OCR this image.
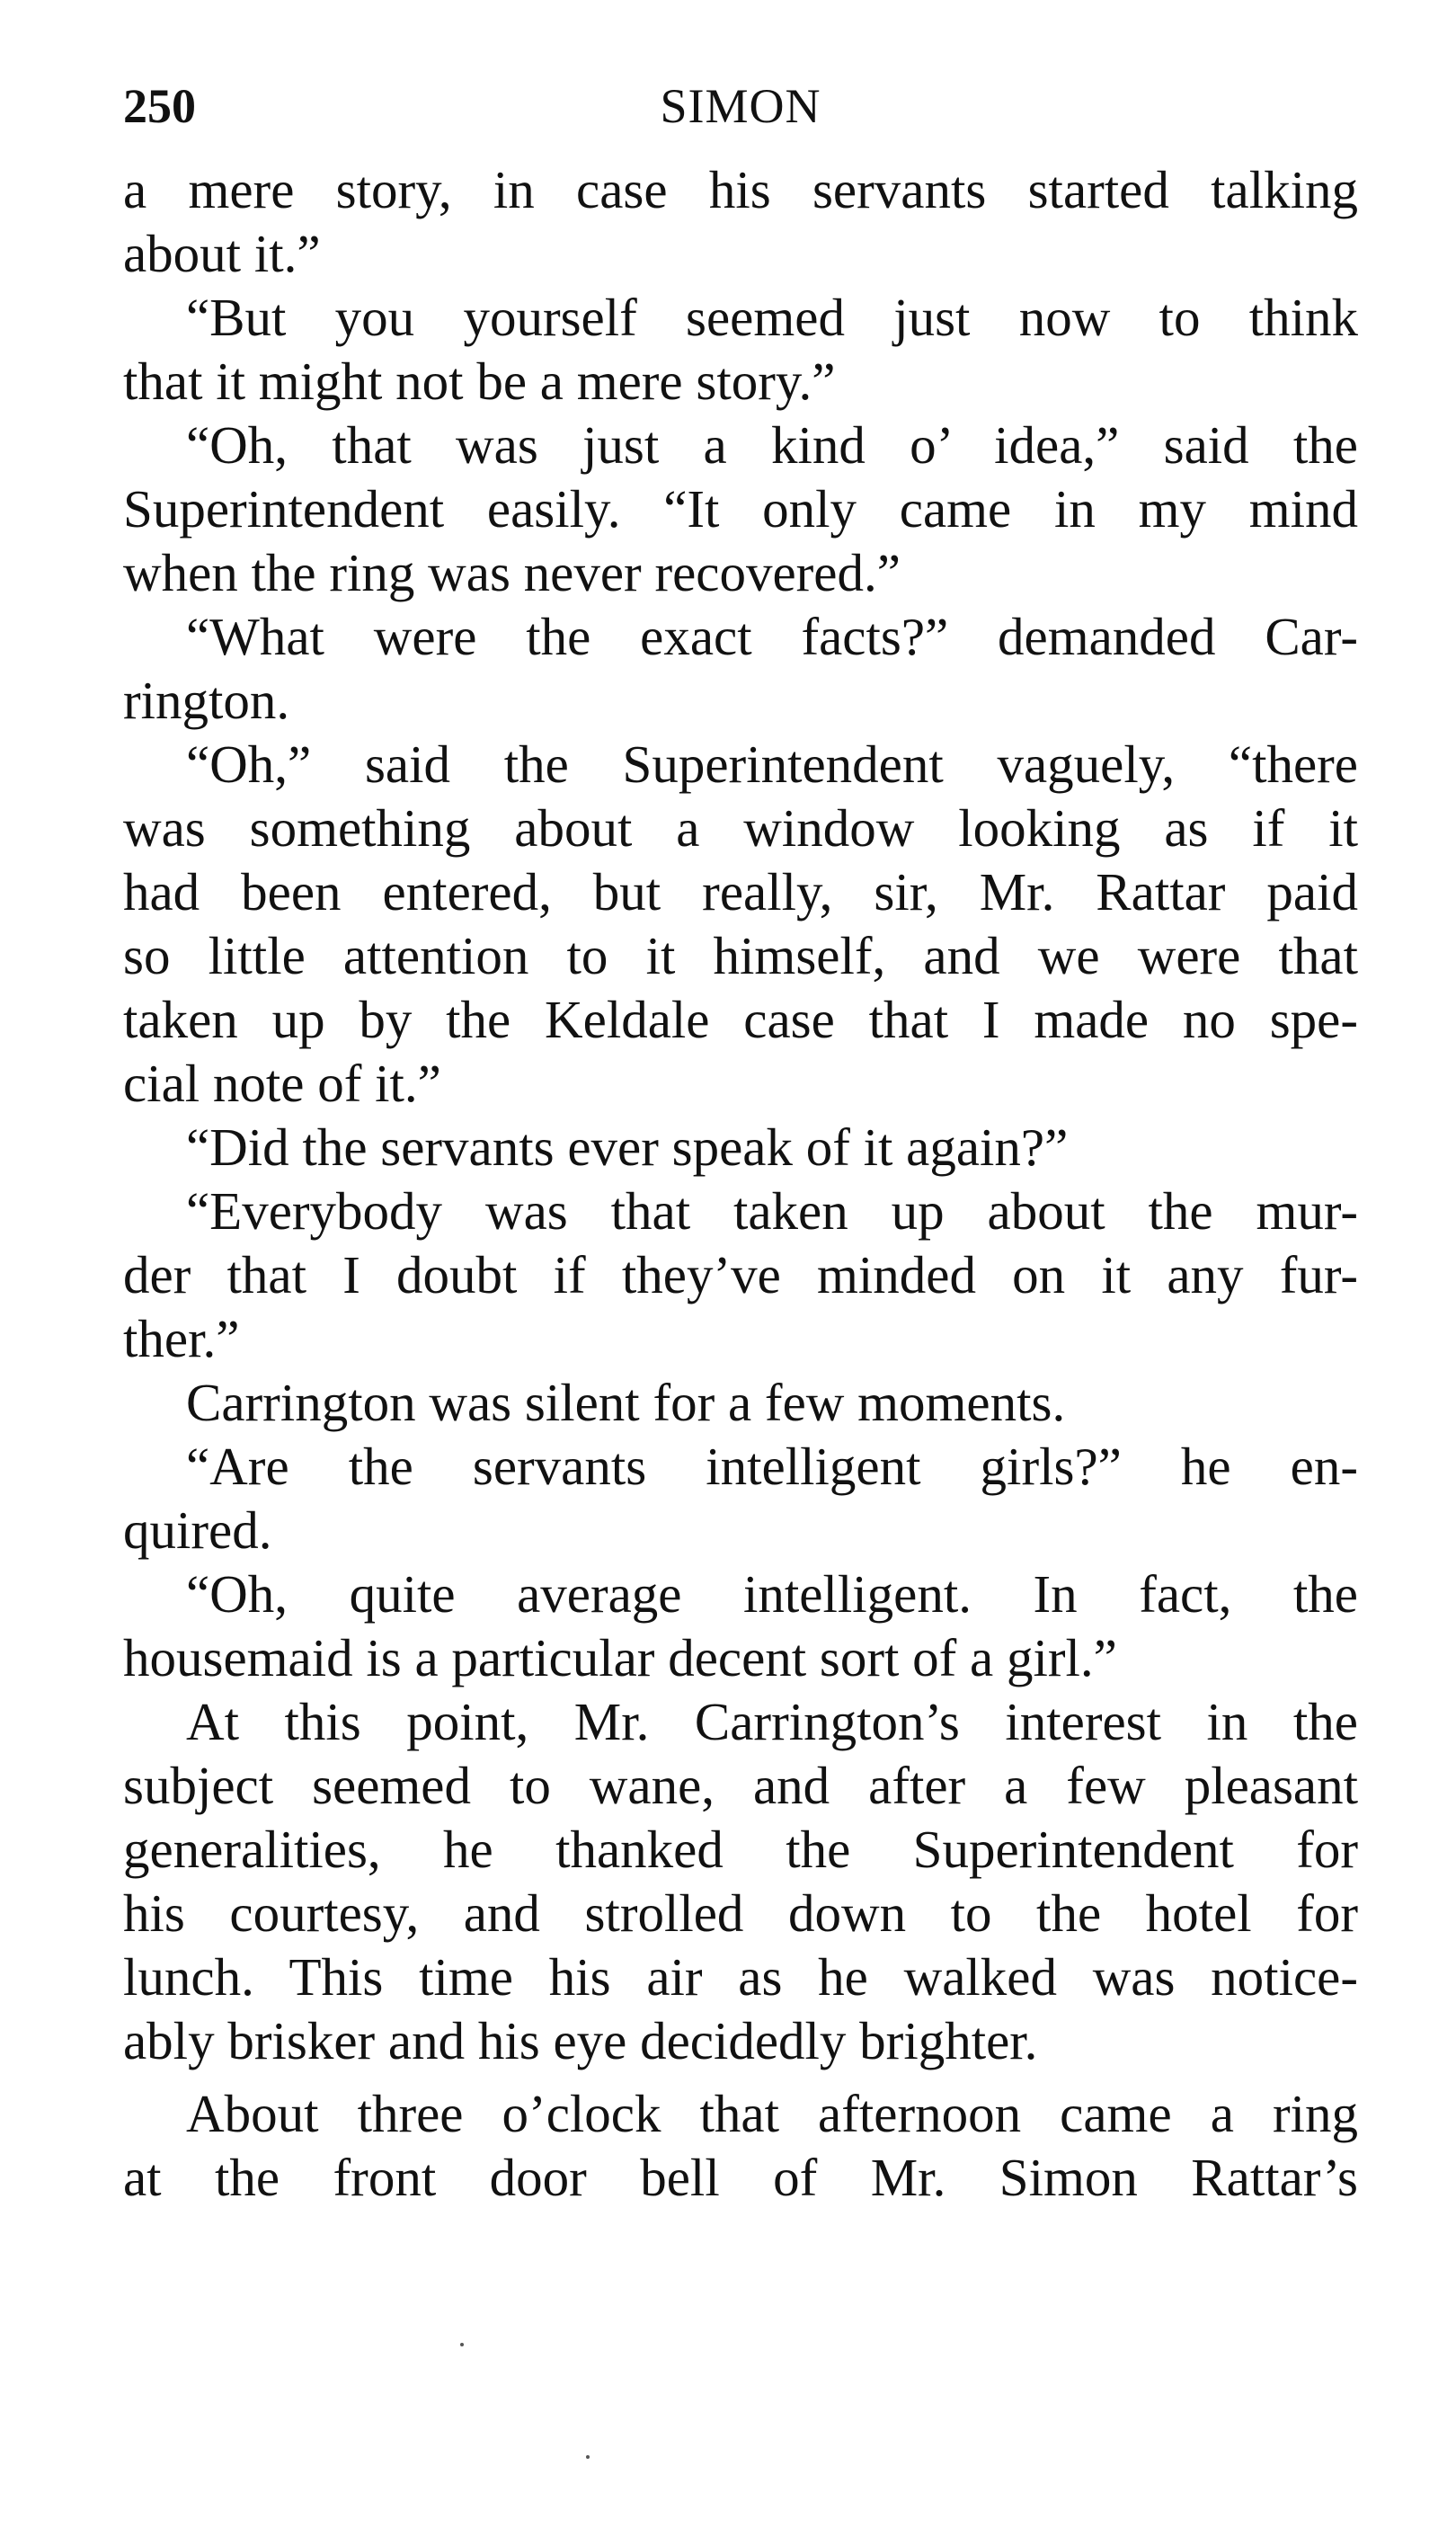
250	SIMON
a mere story, in case his servants started talking
about it.”
“But you yourself seemed just now to think
that it might not be a mere story.”
“Oh, that was just a kind o’ idea,” said the
Superintendent easily. “It only came in my mind
when the ring was never recovered.”
“What were the exact facts?” demanded Car-
rington.
“Oh,” said the Superintendent vaguely, “there
was something about a window looking as if it
had been entered, but really, sir, Mr. Rattar paid
so little attention to it himself, and we were that
taken up by the Keldale case that I made no spe-
cial note of it.”
“Did the servants ever speak of it again?”
“Everybody was that taken up about the mur-
der that I doubt if they’ve minded on it any fur-
ther.”
Carrington was silent for a few moments.
“Are the servants intelligent girls?” he en-
quired.
“Oh, quite average intelligent. In fact, the
housemaid is a particular decent sort of a girl.”
At this point, Mr. Carrington’s interest in the
subject seemed to wane, and after a few pleasant
generalities, he thanked the Superintendent for
his courtesy, and strolled down to the hotel for
lunch. This time his air as he walked was notice-
ably brisker and his eye decidedly brighter.
About three o’clock that afternoon came a ring
at the front door bell of Mr. Simon Rattar’s
